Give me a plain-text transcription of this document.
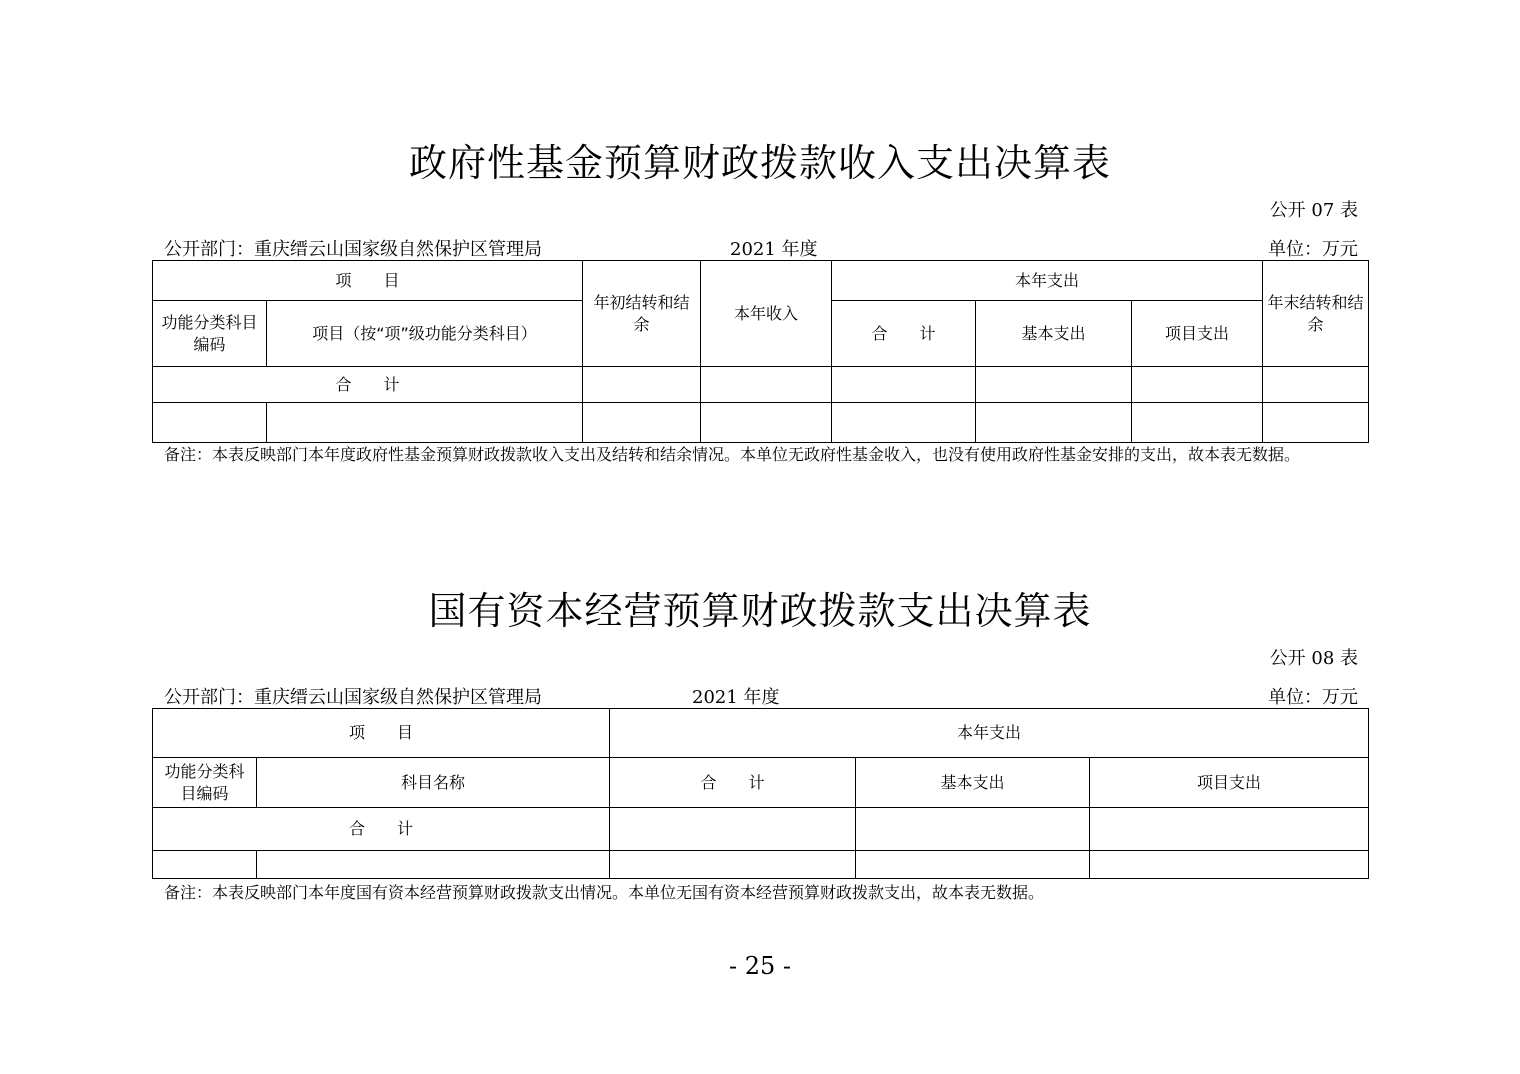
政府性基金预算财政拨款收入支出决算表
公开 07 表
公开部门：重庆缙云山国家级自然保护区管理局	2021 年度	单位：万元
项　　目		年初结转和结余	本年收入	本年支出			年末结转和结余
功能分类科目编码	项目（按“项”级功能分类科目）			合　　计	基本支出	项目支出	
合　　计							

备注：本表反映部门本年度政府性基金预算财政拨款收入支出及结转和结余情况。本单位无政府性基金收入，也没有使用政府性基金安排的支出，故本表无数据。
国有资本经营预算财政拨款支出决算表
公开 08 表
公开部门：重庆缙云山国家级自然保护区管理局	2021 年度	单位：万元
项　　目		本年支出		
功能分类科目编码	科目名称	合　　计	基本支出	项目支出
合　　计				

备注：本表反映部门本年度国有资本经营预算财政拨款支出情况。本单位无国有资本经营预算财政拨款支出，故本表无数据。
- 25 -
